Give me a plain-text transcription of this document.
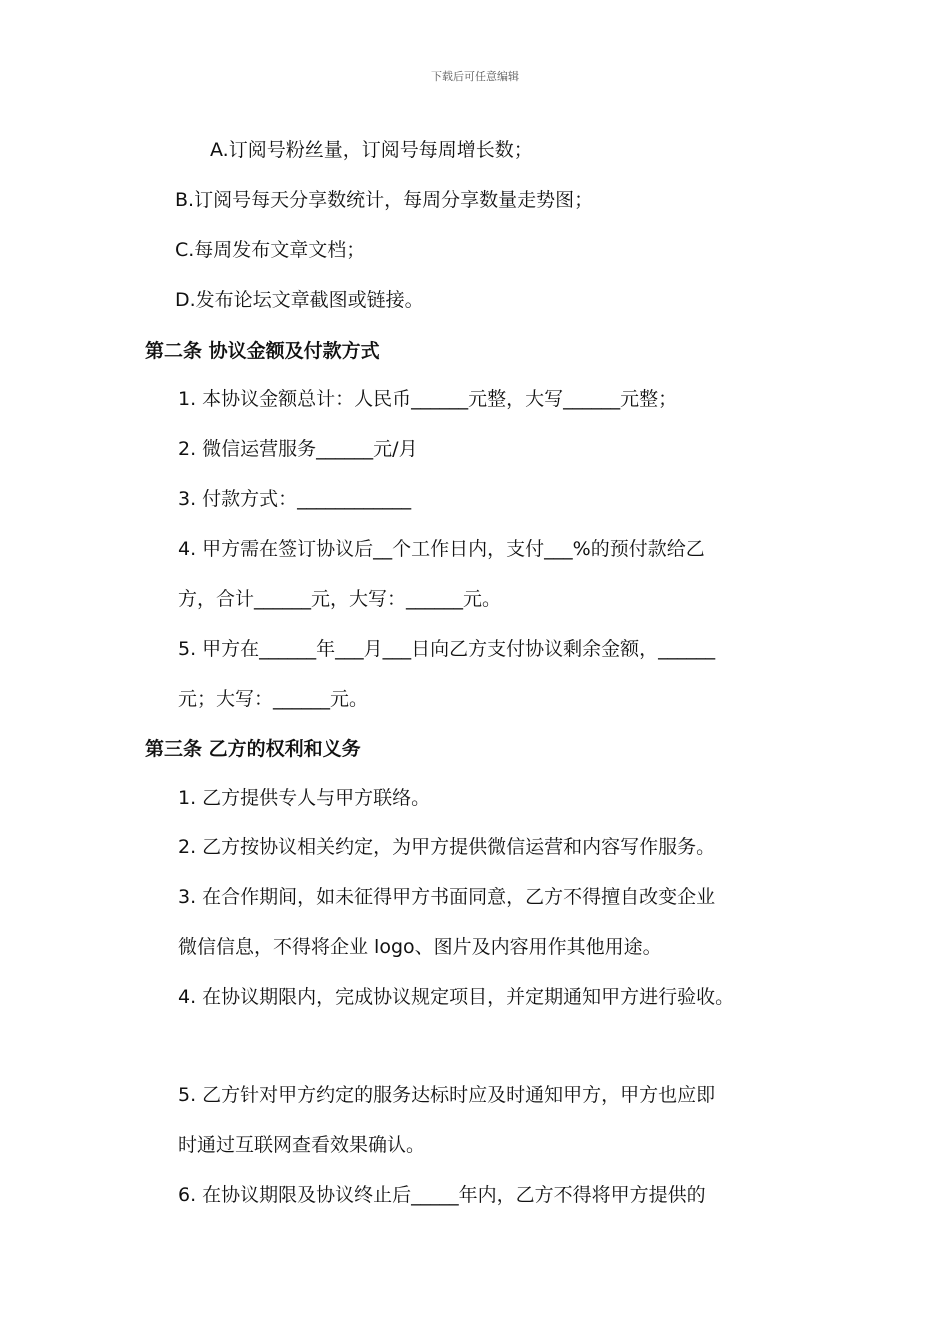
下载后可任意编辑
A.订阅号粉丝量，订阅号每周增长数；
B.订阅号每天分享数统计，每周分享数量走势图；
C.每周发布文章文档；
D.发布论坛文章截图或链接。
第二条 协议金额及付款方式
1. 本协议金额总计：人民币______元整，大写______元整；
2. 微信运营服务______元/月
3. 付款方式：____________
4. 甲方需在签订协议后__个工作日内，支付___%的预付款给乙
方，合计______元，大写：______元。
5. 甲方在______年___月___日向乙方支付协议剩余金额，______
元；大写：______元。
第三条 乙方的权利和义务
1. 乙方提供专人与甲方联络。
2. 乙方按协议相关约定，为甲方提供微信运营和内容写作服务。
3. 在合作期间，如未征得甲方书面同意，乙方不得擅自改变企业
微信信息，不得将企业 logo、图片及内容用作其他用途。
4. 在协议期限内，完成协议规定项目，并定期通知甲方进行验收。
5. 乙方针对甲方约定的服务达标时应及时通知甲方，甲方也应即
时通过互联网查看效果确认。
6. 在协议期限及协议终止后_____年内，乙方不得将甲方提供的
